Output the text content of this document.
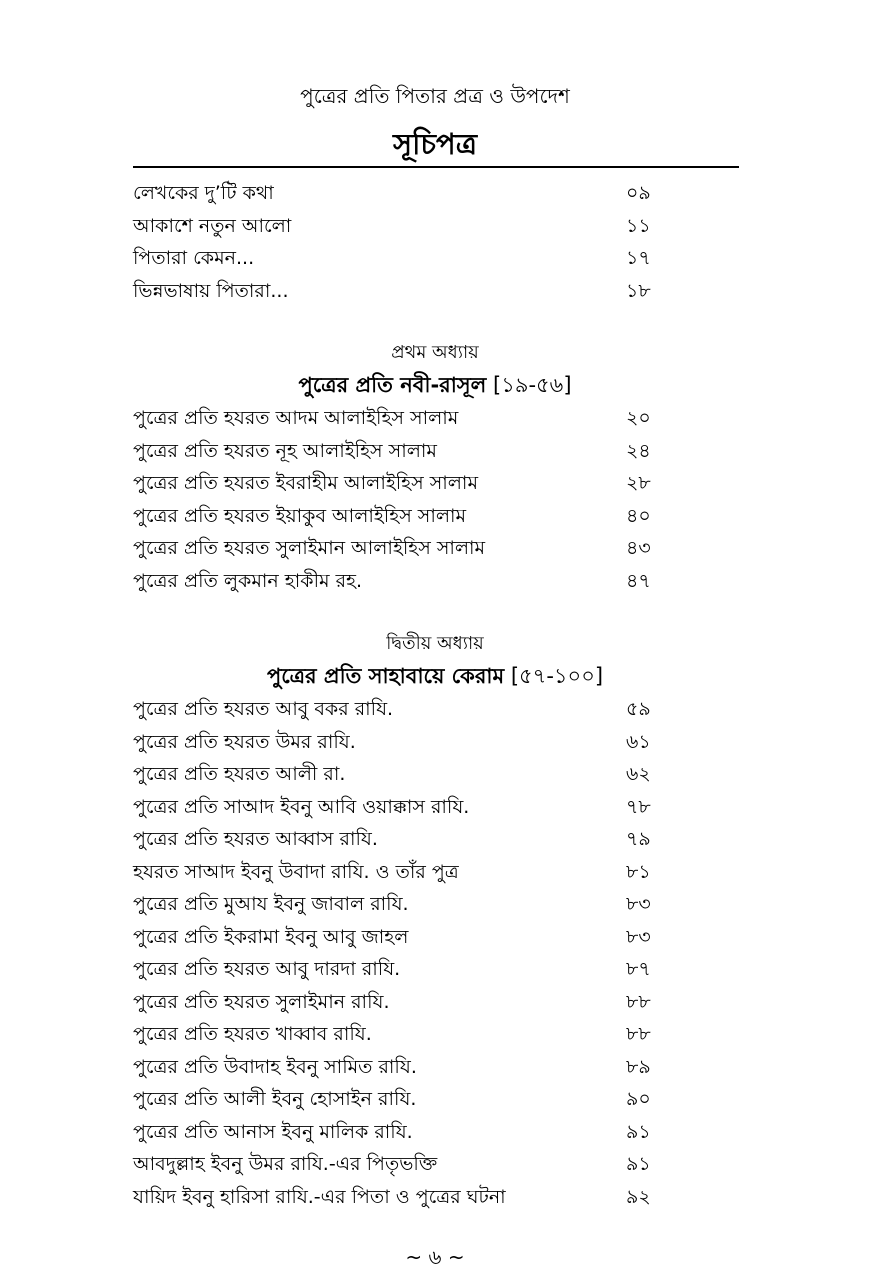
পুত্রের প্রতি পিতার প্রত্র ও উপদেশ
সূচিপত্র
লেখকের দু’টি কথা	০৯
আকাশে নতুন আলো	১১
পিতারা কেমন...	১৭
ভিন্নভাষায় পিতারা...	১৮
প্রথম অধ্যায়
পুত্রের প্রতি নবী-রাসূল [১৯-৫৬]
পুত্রের প্রতি হযরত আদম আলাইহিস সালাম	২০
পুত্রের প্রতি হযরত নূহ আলাইহিস সালাম	২৪
পুত্রের প্রতি হযরত ইবরাহীম আলাইহিস সালাম	২৮
পুত্রের প্রতি হযরত ইয়াকুব আলাইহিস সালাম	৪০
পুত্রের প্রতি হযরত সুলাইমান আলাইহিস সালাম	৪৩
পুত্রের প্রতি লুকমান হাকীম রহ.	৪৭
দ্বিতীয় অধ্যায়
পুত্রের প্রতি সাহাবায়ে কেরাম [৫৭-১০০]
পুত্রের প্রতি হযরত আবু বকর রাযি.	৫৯
পুত্রের প্রতি হযরত উমর রাযি.	৬১
পুত্রের প্রতি হযরত আলী রা.	৬২
পুত্রের প্রতি সাআদ ইবনু আবি ওয়াক্কাস রাযি.	৭৮
পুত্রের প্রতি হযরত আব্বাস রাযি.	৭৯
হযরত সাআদ ইবনু উবাদা রাযি. ও তাঁর পুত্র	৮১
পুত্রের প্রতি মুআয ইবনু জাবাল রাযি.	৮৩
পুত্রের প্রতি ইকরামা ইবনু আবু জাহল	৮৩
পুত্রের প্রতি হযরত আবু দারদা রাযি.	৮৭
পুত্রের প্রতি হযরত সুলাইমান রাযি.	৮৮
পুত্রের প্রতি হযরত খাব্বাব রাযি.	৮৮
পুত্রের প্রতি উবাদাহ ইবনু সামিত রাযি.	৮৯
পুত্রের প্রতি আলী ইবনু হোসাইন রাযি.	৯০
পুত্রের প্রতি আনাস ইবনু মালিক রাযি.	৯১
আবদুল্লাহ ইবনু উমর রাযি.-এর পিতৃভক্তি	৯১
যায়িদ ইবনু হারিসা রাযি.-এর পিতা ও পুত্রের ঘটনা	৯২
~ ৬ ~
